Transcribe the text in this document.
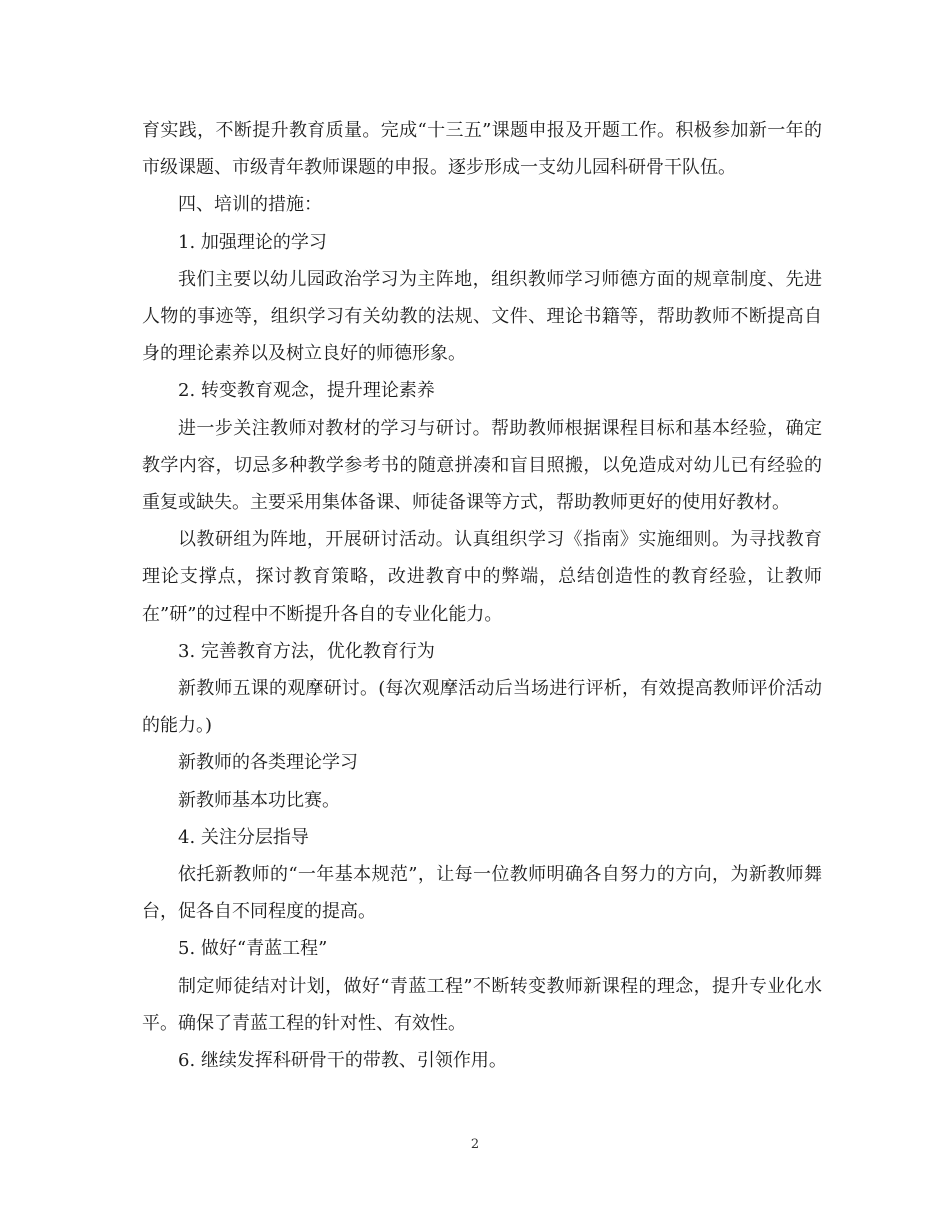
育实践，不断提升教育质量。完成“十三五”课题申报及开题工作。积极参加新一年的市级课题、市级青年教师课题的申报。逐步形成一支幼儿园科研骨干队伍。

四、培训的措施：

1. 加强理论的学习

我们主要以幼儿园政治学习为主阵地，组织教师学习师德方面的规章制度、先进人物的事迹等，组织学习有关幼教的法规、文件、理论书籍等，帮助教师不断提高自身的理论素养以及树立良好的师德形象。

2. 转变教育观念，提升理论素养

进一步关注教师对教材的学习与研讨。帮助教师根据课程目标和基本经验，确定教学内容，切忌多种教学参考书的随意拼凑和盲目照搬，以免造成对幼儿已有经验的重复或缺失。主要采用集体备课、师徒备课等方式，帮助教师更好的使用好教材。

以教研组为阵地，开展研讨活动。认真组织学习《指南》实施细则。为寻找教育理论支撑点，探讨教育策略，改进教育中的弊端，总结创造性的教育经验，让教师在”研”的过程中不断提升各自的专业化能力。

3. 完善教育方法，优化教育行为

新教师五课的观摩研讨。(每次观摩活动后当场进行评析，有效提高教师评价活动的能力。)

新教师的各类理论学习

新教师基本功比赛。

4. 关注分层指导

依托新教师的“一年基本规范”，让每一位教师明确各自努力的方向，为新教师舞台，促各自不同程度的提高。

5. 做好“青蓝工程”

制定师徒结对计划，做好“青蓝工程”不断转变教师新课程的理念，提升专业化水平。确保了青蓝工程的针对性、有效性。

6. 继续发挥科研骨干的带教、引领作用。

2
